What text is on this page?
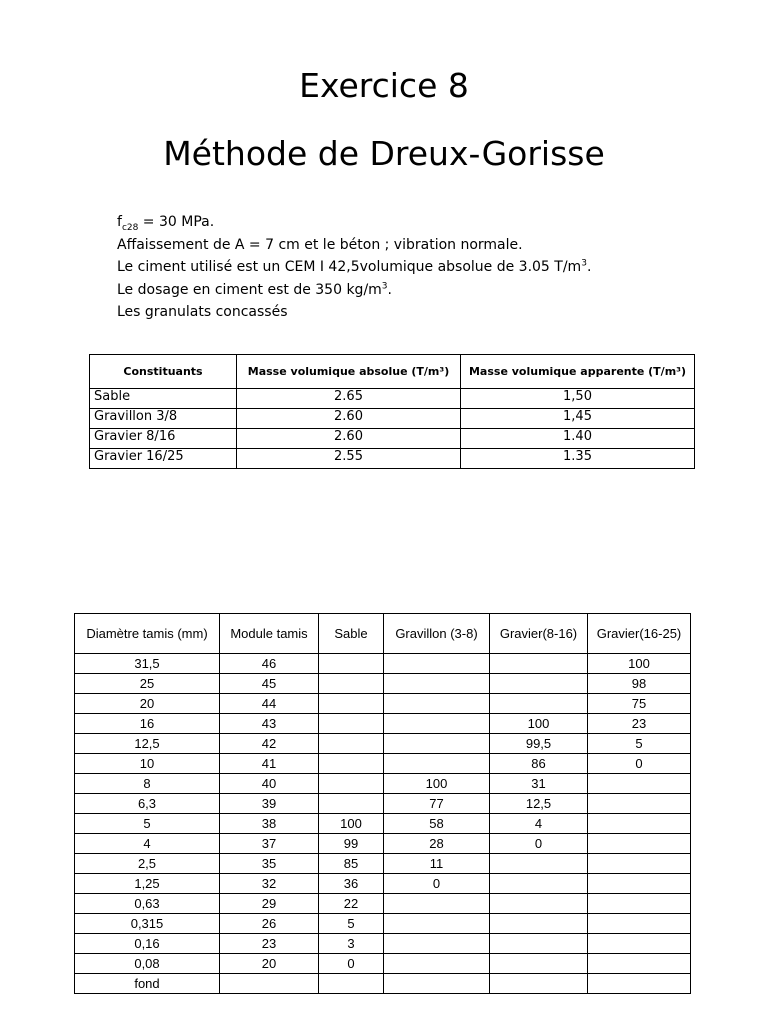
Exercice 8
Méthode de Dreux-Gorisse
$f_{c28} = 30$ MPa.
Affaissement de A = 7 cm et le béton ; vibration normale.
Le ciment utilisé est un CEM I 42,5volumique absolue de 3.05 $T/m^3$.
Le dosage en ciment est de 350 $kg/m^3$.
Les granulats concassés
Constituants	Masse volumique absolue (T/m³)	Masse volumique apparente (T/m³)
Sable	2.65	1,50
Gravillon 3/8	2.60	1,45
Gravier 8/16	2.60	1.40
Gravier 16/25	2.55	1.35
Diamètre tamis (mm)	Module tamis	Sable	Gravillon (3-8)	Gravier(8-16)	Gravier(16-25)
31,5	46				100
25	45				98
20	44				75
16	43			100	23
12,5	42			99,5	5
10	41			86	0
8	40		100	31	
6,3	39		77	12,5	
5	38	100	58	4	
4	37	99	28	0	
2,5	35	85	11		
1,25	32	36	0		
0,63	29	22			
0,315	26	5			
0,16	23	3			
0,08	20	0			
fond					
